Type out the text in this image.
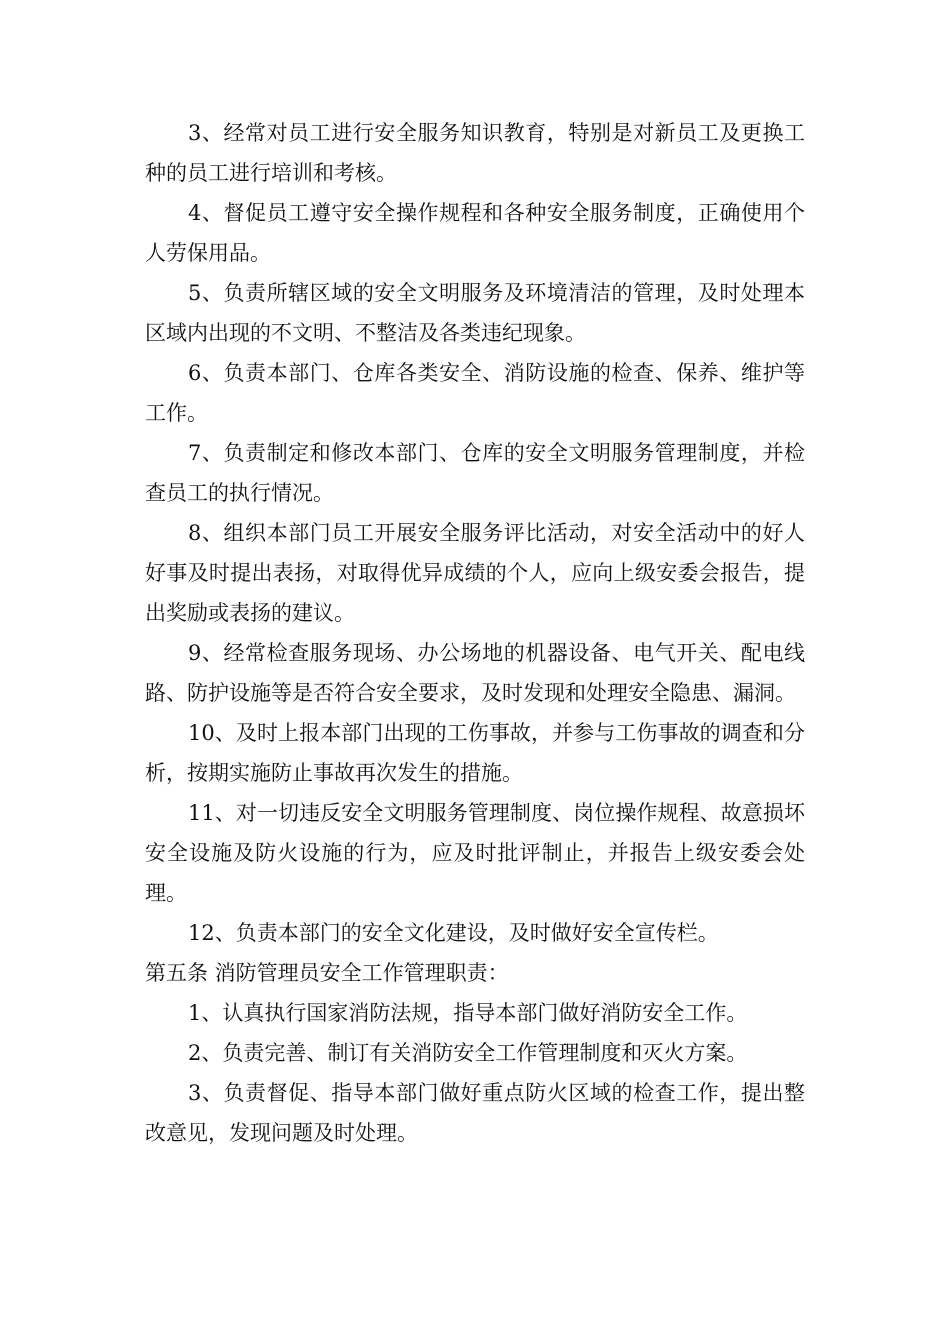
3、经常对员工进行安全服务知识教育，特别是对新员工及更换工种的员工进行培训和考核。

4、督促员工遵守安全操作规程和各种安全服务制度，正确使用个人劳保用品。

5、负责所辖区域的安全文明服务及环境清洁的管理，及时处理本区域内出现的不文明、不整洁及各类违纪现象。

6、负责本部门、仓库各类安全、消防设施的检查、保养、维护等工作。

7、负责制定和修改本部门、仓库的安全文明服务管理制度，并检查员工的执行情况。

8、组织本部门员工开展安全服务评比活动，对安全活动中的好人好事及时提出表扬，对取得优异成绩的个人，应向上级安委会报告，提出奖励或表扬的建议。

9、经常检查服务现场、办公场地的机器设备、电气开关、配电线路、防护设施等是否符合安全要求，及时发现和处理安全隐患、漏洞。

10、及时上报本部门出现的工伤事故，并参与工伤事故的调查和分析，按期实施防止事故再次发生的措施。

11、对一切违反安全文明服务管理制度、岗位操作规程、故意损坏安全设施及防火设施的行为，应及时批评制止，并报告上级安委会处理。

12、负责本部门的安全文化建设，及时做好安全宣传栏。

第五条 消防管理员安全工作管理职责：

1、认真执行国家消防法规，指导本部门做好消防安全工作。

2、负责完善、制订有关消防安全工作管理制度和灭火方案。

3、负责督促、指导本部门做好重点防火区域的检查工作，提出整改意见，发现问题及时处理。
